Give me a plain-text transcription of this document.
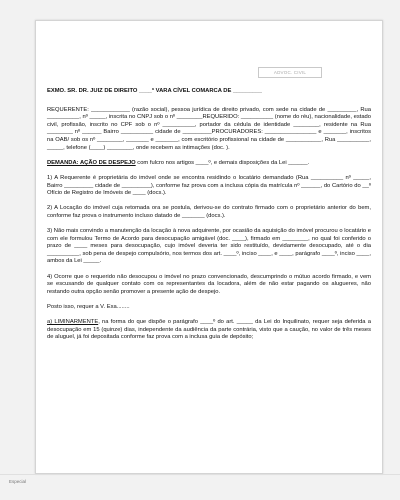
ADVOC. CIVIL

EXMO. SR. DR. JUIZ DE DIREITO ____ª VARA CÍVEL COMARCA DE _________

REQUERENTE: ____________ (razão social), pessoa jurídica de direito privado, com sede na cidade de _________, Rua __________, nº _____, inscrita no CNPJ sob o nº ________REQUERIDO: __________ (nome do réu), nacionalidade, estado civil, profissão, inscrito no CPF sob o nº __________, portador da cédula de identidade ________, residente na Rua ________ nº ______ Bairro __________ cidade de _________PROCURADORES: ________________ e _______, inscritos na OAB/ sob os nº ________, _______ e _______, com escritório profissional na cidade de ___________, Rua __________, _____, telefone (____) ________, onde recebem as intimações (doc. ).

DEMANDA: AÇÃO DE DESPEJO com fulcro nos artigos ____º, e demais disposições da Lei ______.

1) A Requerente é proprietária do imóvel onde se encontra residindo o locatário demandado (Rua __________ nº _____, Bairro _________ cidade de _________), conforme faz prova com a inclusa cópia da matrícula nº ______, do Cartório do __º Ofício de Registro de Imóveis de ____ (docs.).

2) A Locação do imóvel cuja retomada ora se postula, derivou-se do contrato firmado com o proprietário anterior do bem, conforme faz prova o instrumento incluso datado de _______ (docs.).

3) Não mais convindo a manutenção da locação à nova adquirente, por ocasião da aquisição do imóvel procurou o locatário e com ele formulou Termo de Acordo para desocupação amigável (doc. ____), firmado em ________, no qual foi conferido o prazo de ____ meses para desocupação, cujo imóvel deveria ter sido restituído, devidamente desocupado, até o dia __________, sob pena de despejo compulsório, nos termos dos art. ____º, inciso ____, e ____, parágrafo ____º, inciso ____, ambos da Lei _____.

4) Ocorre que o requerido não desocupou o imóvel no prazo convencionado, descumprindo o mútuo acordo firmado, e vem se escusando de qualquer contato com os representantes da locadora, além de não estar pagando os alugueres, não restando outra opção senão promover a presente ação de despejo.

Posto isso, requer a V. Exa........

a) LIMINARMENTE, na forma do que dispõe o parágrafo ____º do art. _____ da Lei do Inquilinato, requer seja deferida a desocupação em 15 (quinze) dias, independente da audiência da parte contrária, visto que a caução, no valor de três meses de aluguel, já foi depositada conforme faz prova com a inclusa guia de depósito;

Especial
